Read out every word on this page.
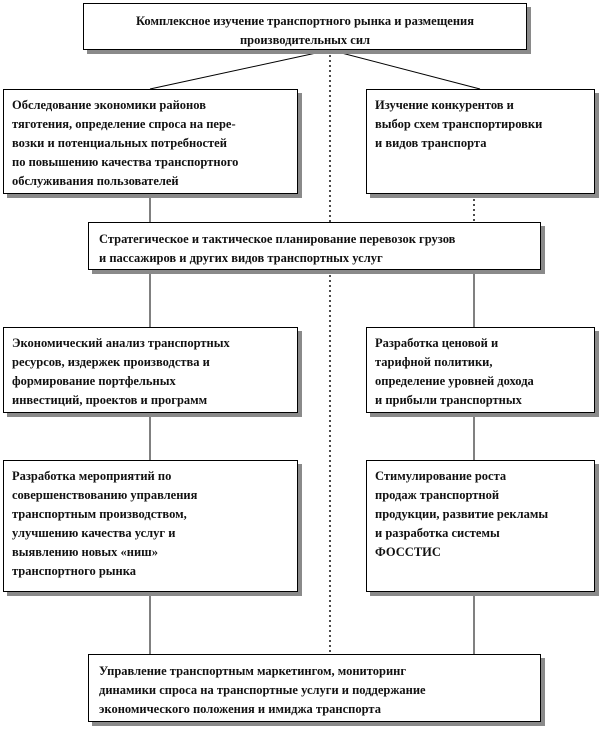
Комплексное изучение транспортного рынка и размещения
производительных сил
Обследование экономики районов
тяготения, определение спроса на пере-
возки и потенциальных потребностей
по повышению качества транспортного
обслуживания пользователей
Изучение конкурентов и
выбор схем транспортировки
и видов транспорта
Стратегическое и тактическое планирование перевозок грузов
и пассажиров и других видов транспортных услуг
Экономический анализ транспортных
ресурсов, издержек производства и
формирование портфельных
инвестиций, проектов и программ
Разработка ценовой и
тарифной политики,
определение уровней дохода
и прибыли транспортных
Разработка мероприятий по
совершенствованию управления
транспортным производством,
улучшению качества услуг и
выявлению новых «ниш»
транспортного рынка
Стимулирование роста
продаж транспортной
продукции, развитие рекламы
и разработка системы
ФОССТИС
Управление транспортным маркетингом, мониторинг
динамики спроса на транспортные услуги и поддержание
экономического положения и имиджа транспорта
